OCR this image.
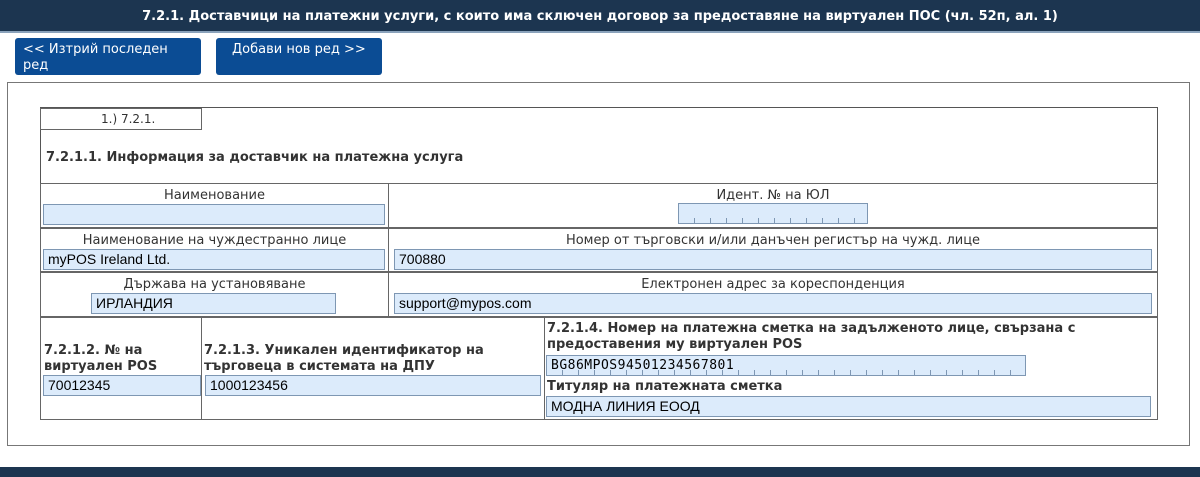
7.2.1. Доставчици на платежни услуги, с които има сключен договор за предоставяне на виртуален ПОС (чл. 52п, ал. 1)
<< Изтрий последен ред
Добави нов ред >>
1.) 7.2.1.
7.2.1.1. Информация за доставчик на платежна услуга
Наименование	Идент. № на ЮЛ
Наименование на чуждестранно лице
myPOS Ireland Ltd.
Номер от търговски и/или данъчен регистър на чужд. лице
700880
Държава на установяване
ИРЛАНДИЯ
Електронен адрес за кореспонденция
support@mypos.com
7.2.1.2. № на виртуален POS
70012345
7.2.1.3. Уникален идентификатор на търговеца в системата на ДПУ
1000123456
7.2.1.4. Номер на платежна сметка на задълженото лице, свързана с предоставения му виртуален POS
BG86MPOS94501234567801
Титуляр на платежната сметка
МОДНА ЛИНИЯ ЕООД
